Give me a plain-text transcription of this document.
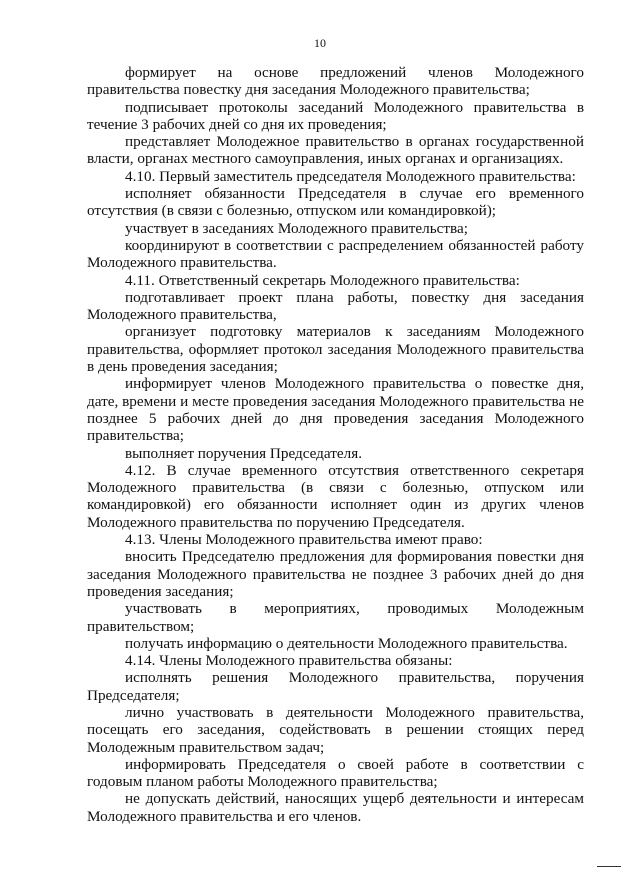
10

формирует на основе предложений членов Молодежного правительства повестку дня заседания Молодежного правительства;

подписывает протоколы заседаний Молодежного правительства в течение 3 рабочих дней со дня их проведения;

представляет Молодежное правительство в органах государственной власти, органах местного самоуправления, иных органах и организациях.

4.10. Первый заместитель председателя Молодежного правительства:

исполняет обязанности Председателя в случае его временного отсутствия (в связи с болезнью, отпуском или командировкой);

участвует в заседаниях Молодежного правительства;

координируют в соответствии с распределением обязанностей работу Молодежного правительства.

4.11. Ответственный секретарь Молодежного правительства:

подготавливает проект плана работы, повестку дня заседания Молодежного правительства,

организует подготовку материалов к заседаниям Молодежного правительства, оформляет протокол заседания Молодежного правительства в день проведения заседания;

информирует членов Молодежного правительства о повестке дня, дате, времени и месте проведения заседания Молодежного правительства не позднее 5 рабочих дней до дня проведения заседания Молодежного правительства;

выполняет поручения Председателя.

4.12. В случае временного отсутствия ответственного секретаря Молодежного правительства (в связи с болезнью, отпуском или командировкой) его обязанности исполняет один из других членов Молодежного правительства по поручению Председателя.

4.13. Члены Молодежного правительства имеют право:

вносить Председателю предложения для формирования повестки дня заседания Молодежного правительства не позднее 3 рабочих дней до дня проведения заседания;

участвовать в мероприятиях, проводимых Молодежным правительством;

получать информацию о деятельности Молодежного правительства.

4.14. Члены Молодежного правительства обязаны:

исполнять решения Молодежного правительства, поручения Председателя;

лично участвовать в деятельности Молодежного правительства, посещать его заседания, содействовать в решении стоящих перед Молодежным правительством задач;

информировать Председателя о своей работе в соответствии с годовым планом работы Молодежного правительства;

не допускать действий, наносящих ущерб деятельности и интересам Молодежного правительства и его членов.
